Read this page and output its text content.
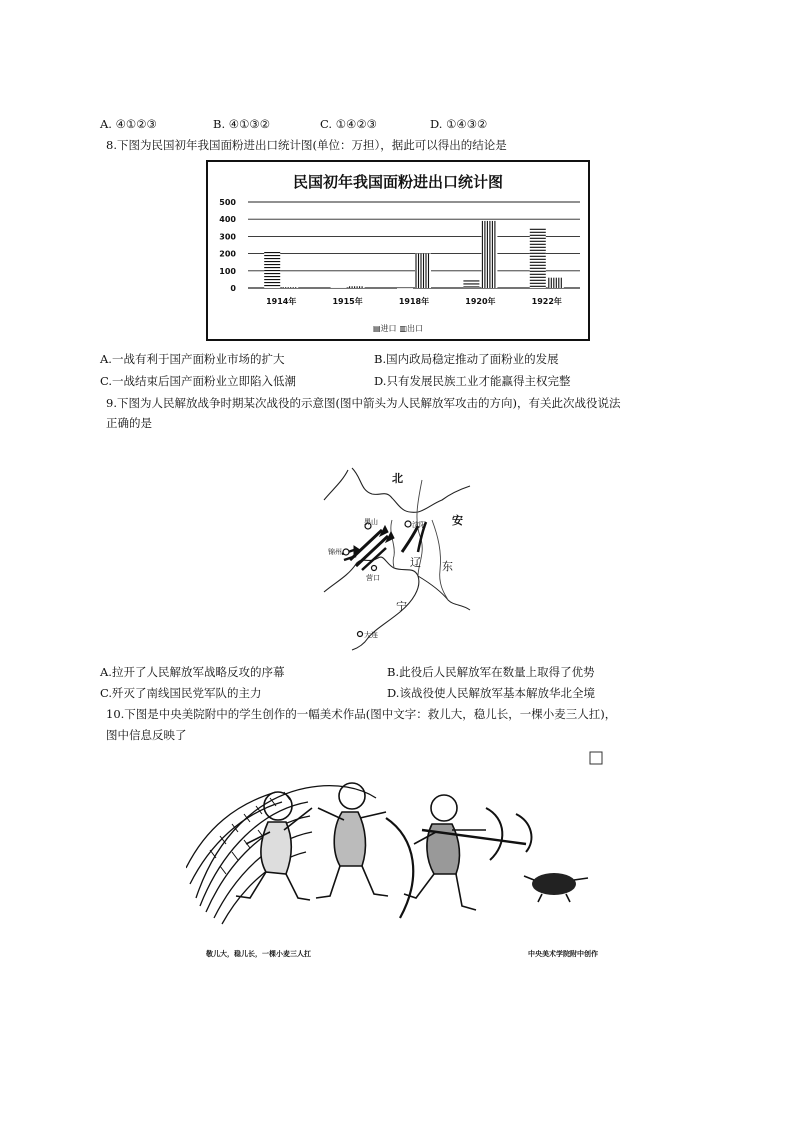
A. ④①②③	B. ④①③②	C. ①④②③	D. ①④③②
8.下图为民国初年我国面粉进出口统计图(单位：万担），据此可以得出的结论是
民国初年我国面粉进出口统计图
0
100
200
300
400
500
1914年	1915年	1918年	1920年	1922年
▤进口 ▥出口
A.一战有利于国产面粉业市场的扩大	B.国内政局稳定推动了面粉业的发展
C.一战结束后国产面粉业立即陷入低潮	D.只有发展民族工业才能赢得主权完整
9.下图为人民解放战争时期某次战役的示意图(图中箭头为人民解放军攻击的方向)，有关此次战役说法
正确的是
北
安
沈阳
黑山
锦州
营口
辽 东
宁
大连
A.拉开了人民解放军战略反攻的序幕	B.此役后人民解放军在数量上取得了优势
C.歼灭了南线国民党军队的主力	D.该战役使人民解放军基本解放华北全境
10.下图是中央美院附中的学生创作的一幅美术作品(图中文字：救儿大，稳儿长，一棵小麦三人扛)，
图中信息反映了
敬儿大，稳儿长，一棵小麦三人扛	中央美术学院附中创作
